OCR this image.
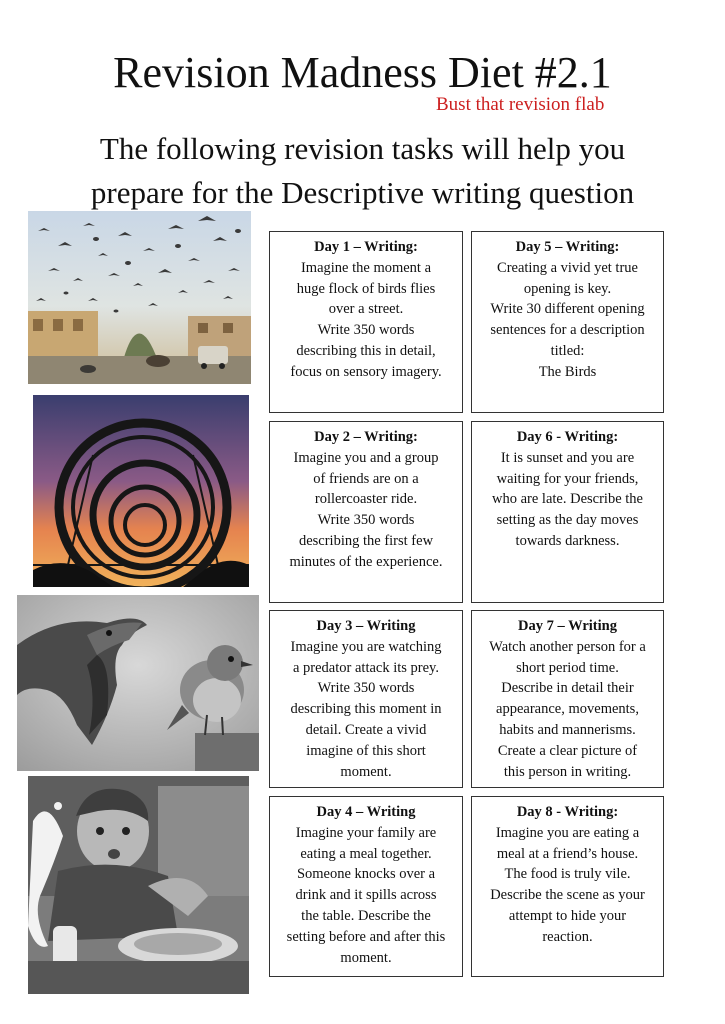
Revision Madness Diet #2.1
Bust that revision flab
The following revision tasks will help you
prepare for the Descriptive writing question
Day 1 – Writing:
Imagine the moment a
huge flock of birds flies
over a street.
Write 350 words
describing this in detail,
focus on sensory imagery.
Day 5 – Writing:
Creating a vivid yet true
opening is key.
Write 30 different opening
sentences for a description
titled:
The Birds
Day 2 – Writing:
Imagine you and a group
of friends are on a
rollercoaster ride.
Write 350 words
describing the first few
minutes of the experience.
Day 6 - Writing:
It is sunset and you are
waiting for your friends,
who are late. Describe the
setting as the day moves
towards darkness.
Day 3 – Writing
Imagine you are watching
a predator attack its prey.
Write 350 words
describing this moment in
detail. Create a vivid
imagine of this short
moment.
Day 7 – Writing
Watch another person for a
short period time.
Describe in detail their
appearance, movements,
habits and mannerisms.
Create a clear picture of
this person in writing.
Day 4 – Writing
Imagine your family are
eating a meal together.
Someone knocks over a
drink and it spills across
the table. Describe the
setting before and after this
moment.
Day 8 - Writing:
Imagine you are eating a
meal at a friend’s house.
The food is truly vile.
Describe the scene as your
attempt to hide your
reaction.
